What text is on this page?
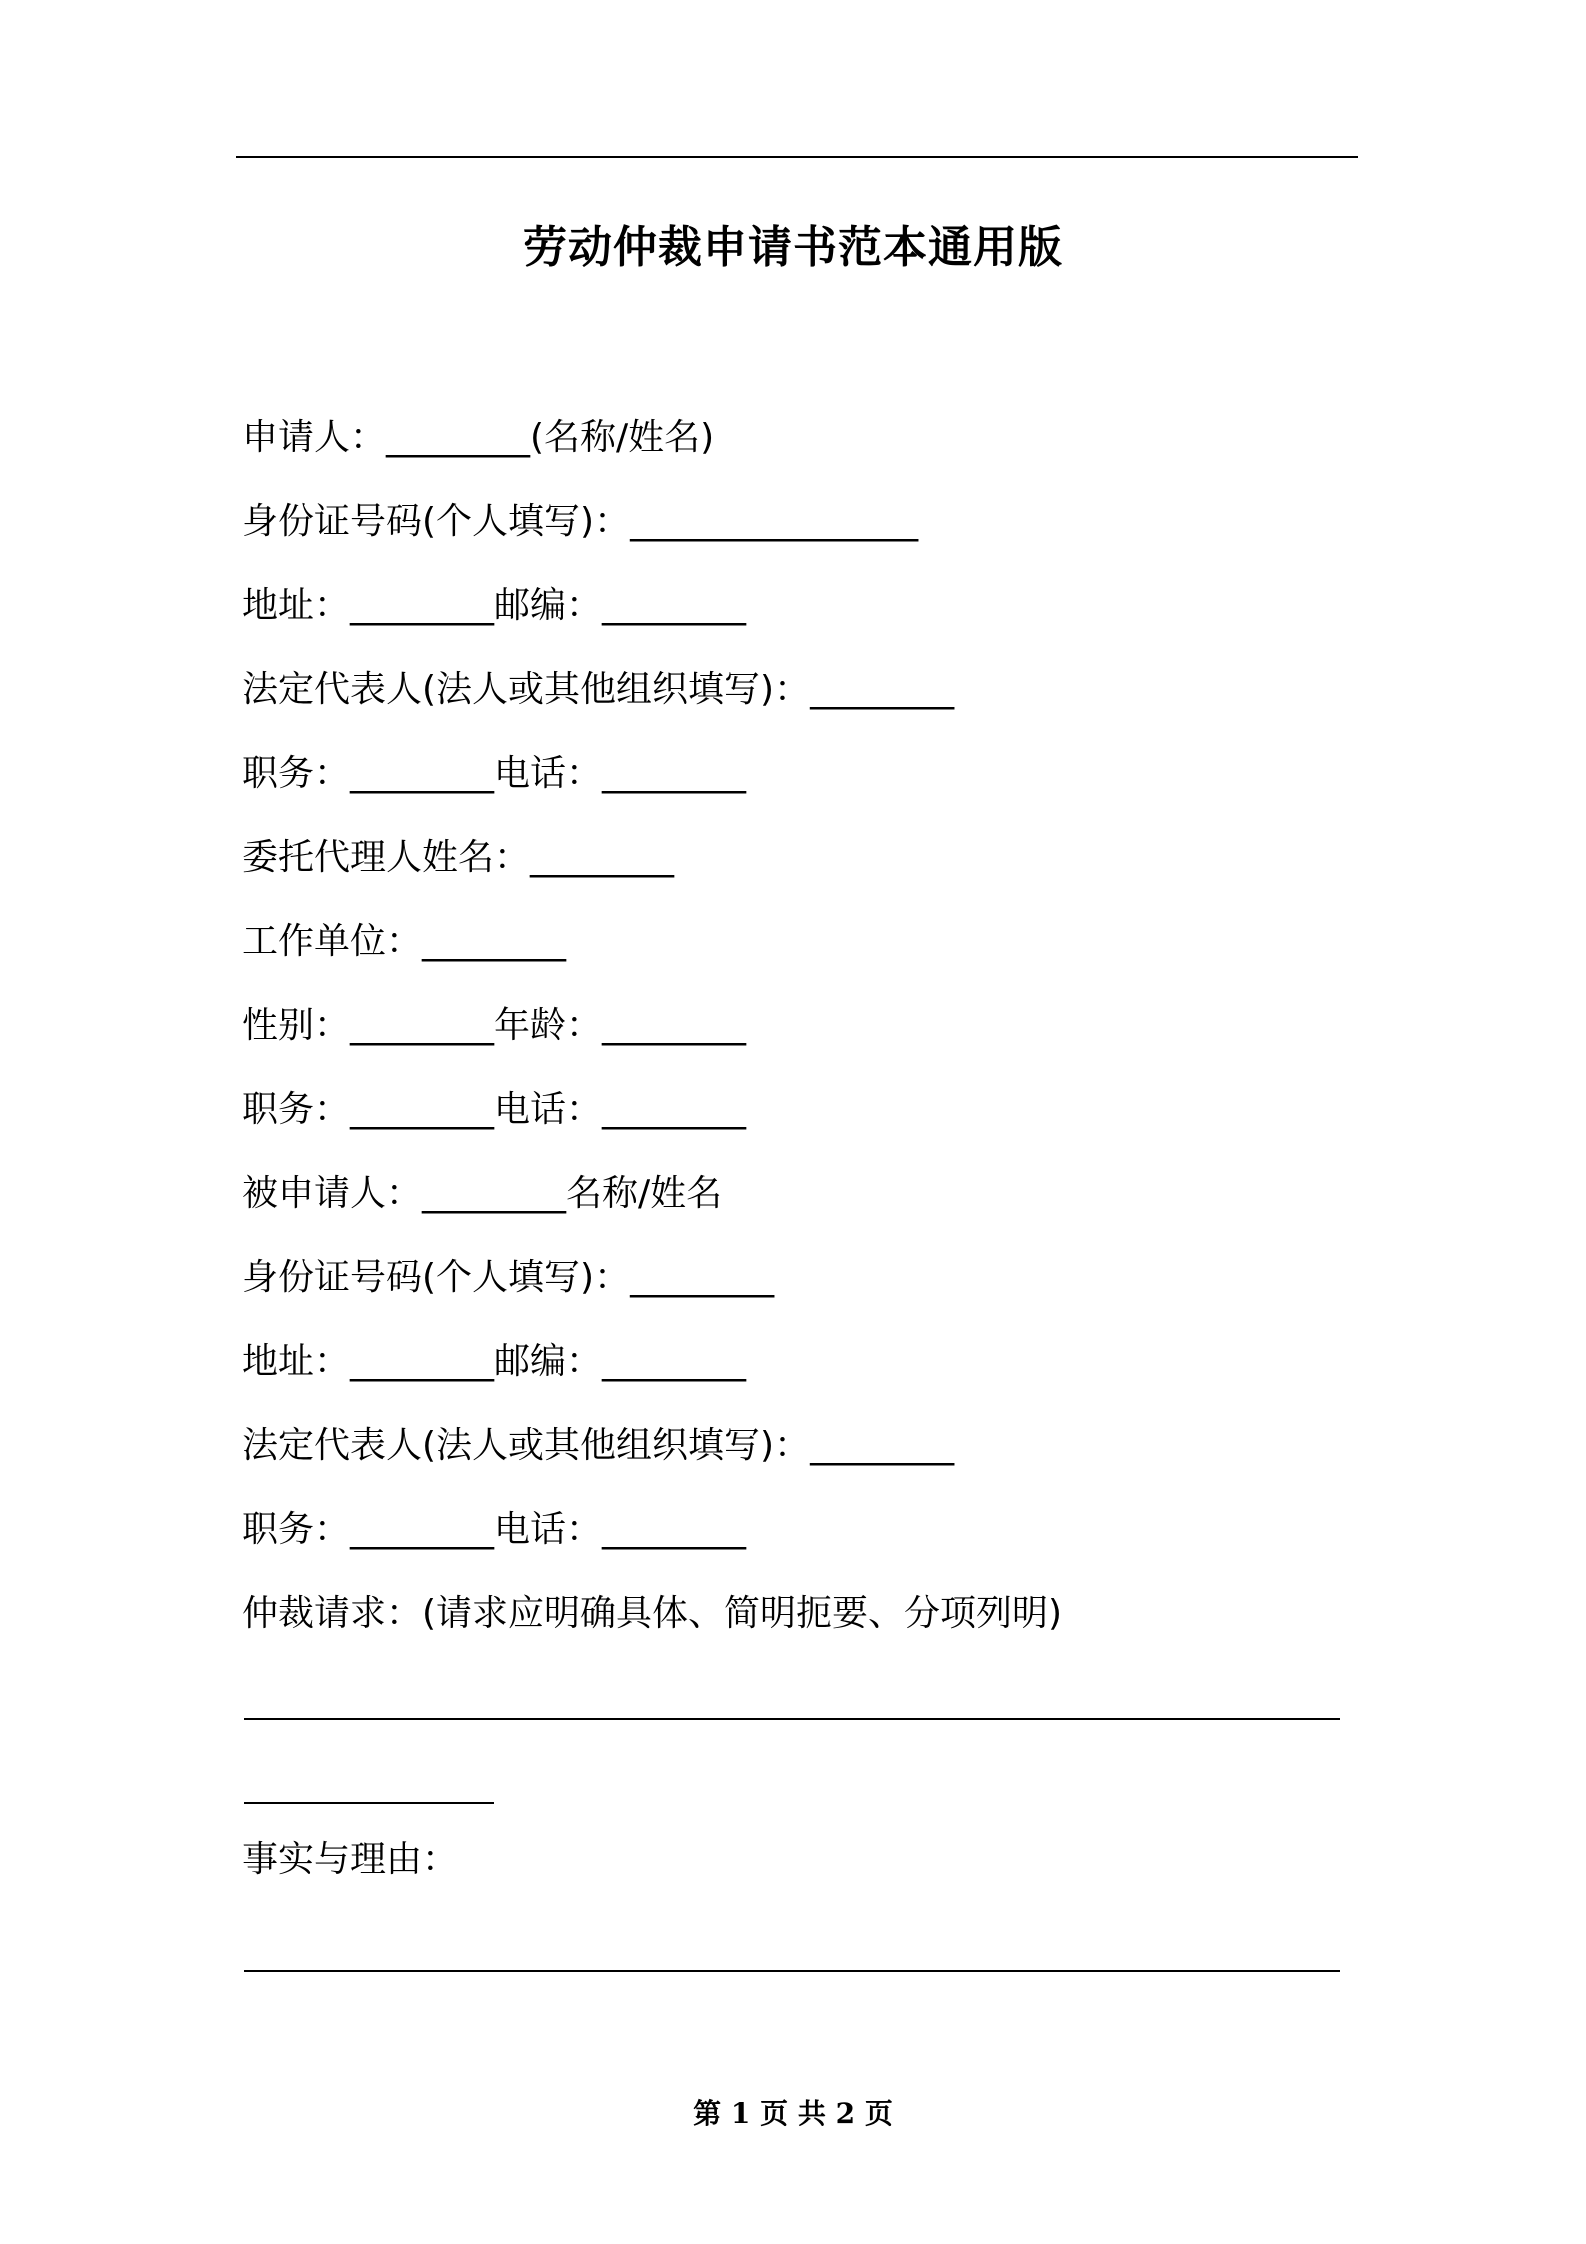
劳动仲裁申请书范本通用版
申请人：________(名称/姓名)
身份证号码(个人填写)：________________
地址：________邮编：________
法定代表人(法人或其他组织填写)：________
职务：________电话：________
委托代理人姓名：________
工作单位：________
性别：________年龄：________
职务：________电话：________
被申请人：________名称/姓名
身份证号码(个人填写)：________
地址：________邮编：________
法定代表人(法人或其他组织填写)：________
职务：________电话：________
仲裁请求：(请求应明确具体、简明扼要、分项列明)
事实与理由：
第 1 页 共 2 页
